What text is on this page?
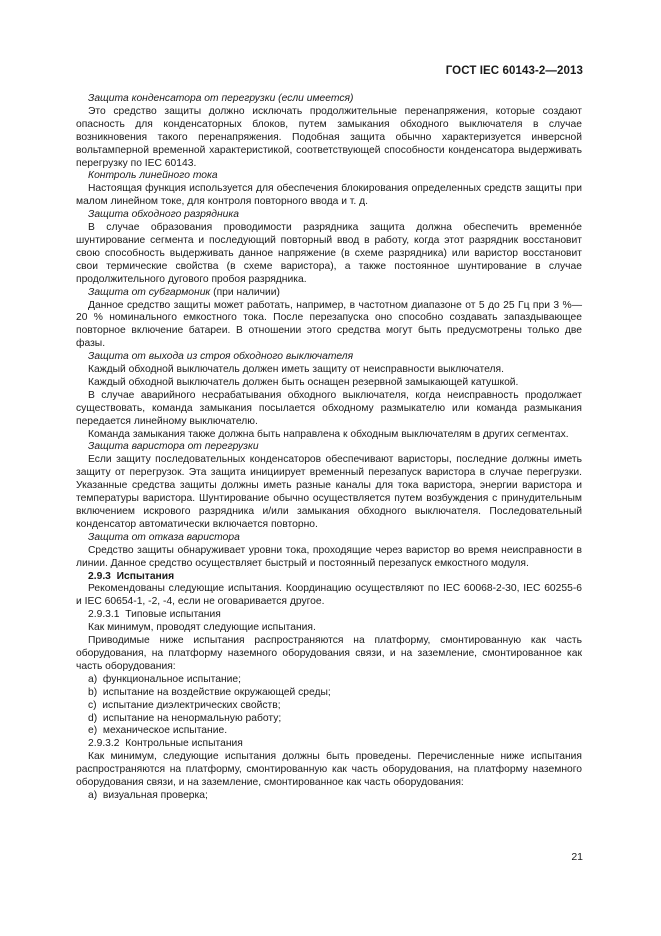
ГОСТ IEC 60143-2—2013

Защита конденсатора от перегрузки (если имеется)

Это средство защиты должно исключать продолжительные перенапряжения, которые создают опасность для конденсаторных блоков, путем замыкания обходного выключателя в случае возникновения такого перенапряжения. Подобная защита обычно характеризуется инверсной вольтамперной временной характеристикой, соответствующей способности конденсатора выдерживать перегрузку по IEC 60143.

Контроль линейного тока

Настоящая функция используется для обеспечения блокирования определенных средств защиты при малом линейном токе, для контроля повторного ввода и т. д.

Защита обходного разрядника

В случае образования проводимости разрядника защита должна обеспечить временнóе шунтирование сегмента и последующий повторный ввод в работу, когда этот разрядник восстановит свою способность выдерживать данное напряжение (в схеме разрядника) или варистор восстановит свои термические свойства (в схеме варистора), а также постоянное шунтирование в случае продолжительного дугового пробоя разрядника.

Защита от субгармоник (при наличии)

Данное средство защиты может работать, например, в частотном диапазоне от 5 до 25 Гц при 3 %—20 % номинального емкостного тока. После перезапуска оно способно создавать запаздывающее повторное включение батареи. В отношении этого средства могут быть предусмотрены только две фазы.

Защита от выхода из строя обходного выключателя

Каждый обходной выключатель должен иметь защиту от неисправности выключателя.

Каждый обходной выключатель должен быть оснащен резервной замыкающей катушкой.

В случае аварийного несрабатывания обходного выключателя, когда неисправность продолжает существовать, команда замыкания посылается обходному размыкателю или команда размыкания передается линейному выключателю.

Команда замыкания также должна быть направлена к обходным выключателям в других сегментах.

Защита варистора от перегрузки

Если защиту последовательных конденсаторов обеспечивают варисторы, последние должны иметь защиту от перегрузок. Эта защита инициирует временный перезапуск варистора в случае перегрузки. Указанные средства защиты должны иметь разные каналы для тока варистора, энергии варистора и температуры варистора. Шунтирование обычно осуществляется путем возбуждения с принудительным включением искрового разрядника и/или замыкания обходного выключателя. Последовательный конденсатор автоматически включается повторно.

Защита от отказа варистора

Средство защиты обнаруживает уровни тока, проходящие через варистор во время неисправности в линии. Данное средство осуществляет быстрый и постоянный перезапуск емкостного модуля.

2.9.3 Испытания

Рекомендованы следующие испытания. Координацию осуществляют по IEC 60068-2-30, IEC 60255-6 и IEC 60654-1, -2, -4, если не оговаривается другое.

2.9.3.1 Типовые испытания

Как минимум, проводят следующие испытания.

Приводимые ниже испытания распространяются на платформу, смонтированную как часть оборудования, на платформу наземного оборудования связи, и на заземление, смонтированное как часть оборудования:

a)  функциональное испытание;

b)  испытание на воздействие окружающей среды;

c)  испытание диэлектрических свойств;

d)  испытание на ненормальную работу;

e)  механическое испытание.

2.9.3.2 Контрольные испытания

Как минимум, следующие испытания должны быть проведены. Перечисленные ниже испытания распространяются на платформу, смонтированную как часть оборудования, на платформу наземного оборудования связи, и на заземление, смонтированное как часть оборудования:

a)  визуальная проверка;

21
